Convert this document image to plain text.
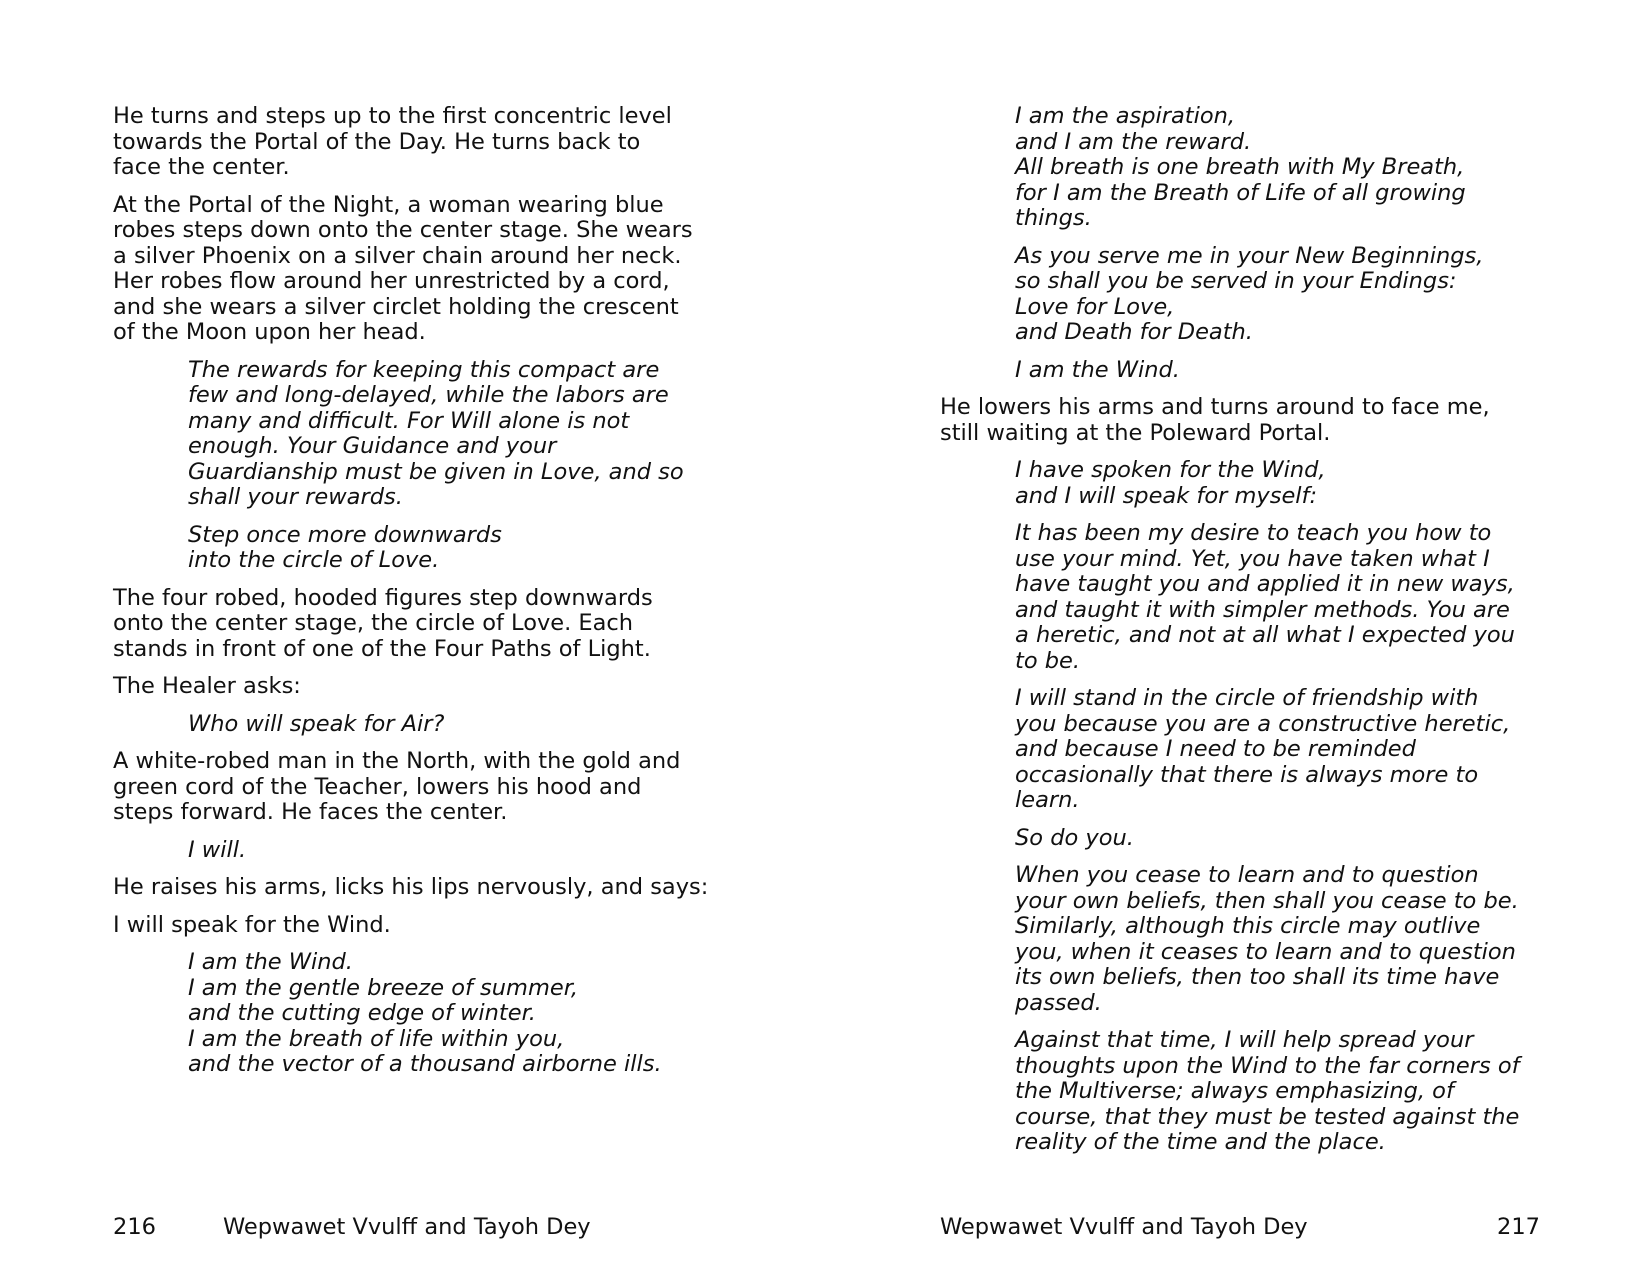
He turns and steps up to the first concentric level
towards the Portal of the Day. He turns back to
face the center.

At the Portal of the Night, a woman wearing blue
robes steps down onto the center stage. She wears
a silver Phoenix on a silver chain around her neck.
Her robes flow around her unrestricted by a cord,
and she wears a silver circlet holding the crescent
of the Moon upon her head.

The rewards for keeping this compact are
few and long-delayed, while the labors are
many and difficult. For Will alone is not
enough. Your Guidance and your
Guardianship must be given in Love, and so
shall your rewards.

Step once more downwards
into the circle of Love.

The four robed, hooded figures step downwards
onto the center stage, the circle of Love. Each
stands in front of one of the Four Paths of Light.

The Healer asks:

Who will speak for Air?

A white-robed man in the North, with the gold and
green cord of the Teacher, lowers his hood and
steps forward. He faces the center.

I will.

He raises his arms, licks his lips nervously, and says:

I will speak for the Wind.

I am the Wind.
I am the gentle breeze of summer,
and the cutting edge of winter.
I am the breath of life within you,
and the vector of a thousand airborne ills.

216	Wepwawet Vvulff and Tayoh Dey

I am the aspiration,
and I am the reward.
All breath is one breath with My Breath,
for I am the Breath of Life of all growing
things.

As you serve me in your New Beginnings,
so shall you be served in your Endings:
Love for Love,
and Death for Death.

I am the Wind.

He lowers his arms and turns around to face me,
still waiting at the Poleward Portal.

I have spoken for the Wind,
and I will speak for myself:

It has been my desire to teach you how to
use your mind. Yet, you have taken what I
have taught you and applied it in new ways,
and taught it with simpler methods. You are
a heretic, and not at all what I expected you
to be.

I will stand in the circle of friendship with
you because you are a constructive heretic,
and because I need to be reminded
occasionally that there is always more to
learn.

So do you.

When you cease to learn and to question
your own beliefs, then shall you cease to be.
Similarly, although this circle may outlive
you, when it ceases to learn and to question
its own beliefs, then too shall its time have
passed.

Against that time, I will help spread your
thoughts upon the Wind to the far corners of
the Multiverse; always emphasizing, of
course, that they must be tested against the
reality of the time and the place.

Wepwawet Vvulff and Tayoh Dey	217
